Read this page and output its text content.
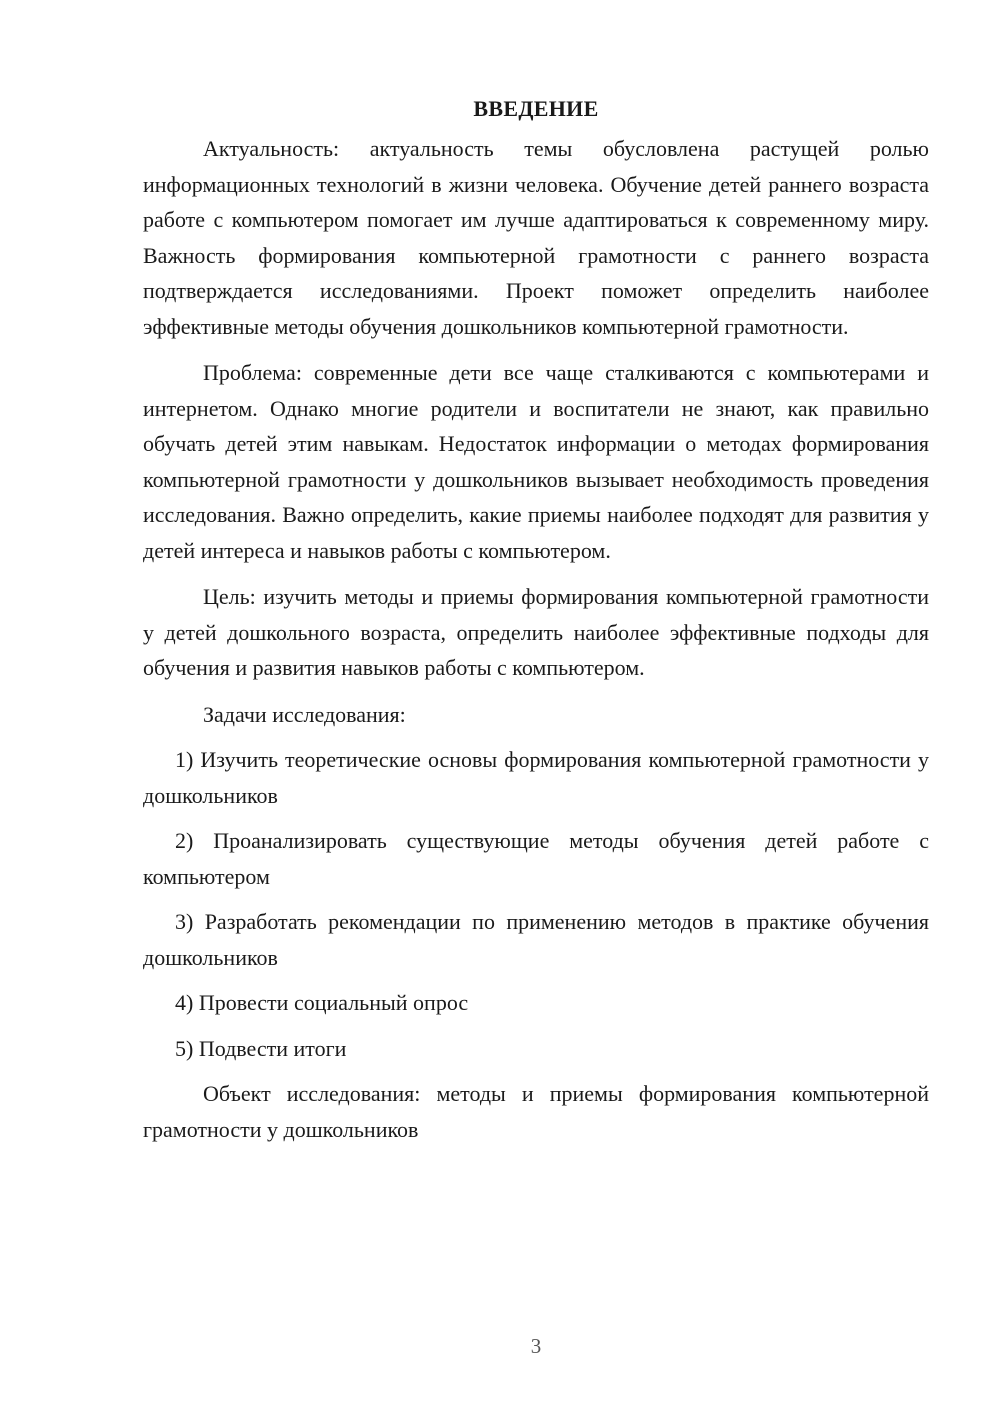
ВВЕДЕНИЕ

Актуальность: актуальность темы обусловлена растущей ролью информационных технологий в жизни человека. Обучение детей раннего возраста работе с компьютером помогает им лучше адаптироваться к современному миру. Важность формирования компьютерной грамотности с раннего возраста подтверждается исследованиями. Проект поможет определить наиболее эффективные методы обучения дошкольников компьютерной грамотности.

Проблема: современные дети все чаще сталкиваются с компьютерами и интернетом. Однако многие родители и воспитатели не знают, как правильно обучать детей этим навыкам. Недостаток информации о методах формирования компьютерной грамотности у дошкольников вызывает необходимость проведения исследования. Важно определить, какие приемы наиболее подходят для развития у детей интереса и навыков работы с компьютером.

Цель: изучить методы и приемы формирования компьютерной грамотности у детей дошкольного возраста, определить наиболее эффективные подходы для обучения и развития навыков работы с компьютером.

Задачи исследования:

1) Изучить теоретические основы формирования компьютерной грамотности у дошкольников
2) Проанализировать существующие методы обучения детей работе с компьютером
3) Разработать рекомендации по применению методов в практике обучения дошкольников
4) Провести социальный опрос
5) Подвести итоги

Объект исследования: методы и приемы формирования компьютерной грамотности у дошкольников

3
